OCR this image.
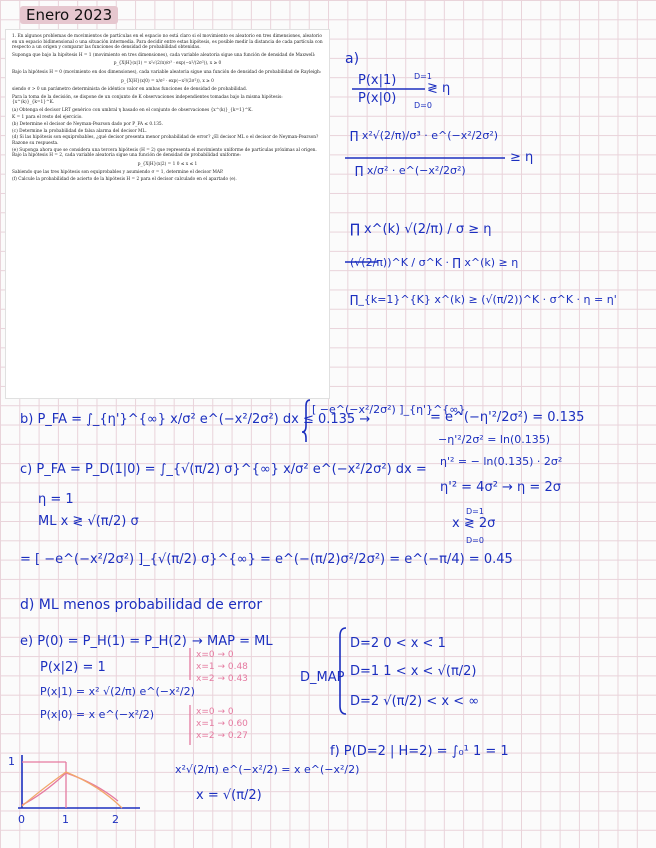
Enero 2023

1. En algunos problemas de movimientos de partículas en el espacio no está claro si el movimiento es aleatorio en tres dimensiones, aleatorio en un espacio bidimensional o una situación intermedia. Para decidir entre estas hipótesis, es posible medir la distancia de cada partícula con respecto a un origen y comparar las funciones de densidad de probabilidad obtenidas.

Suponga que bajo la hipótesis H = 1 (movimiento en tres dimensiones), cada variable aleatoria sigue una función de densidad de Maxwell:

p_{X|H}(x|1) = x²√(2/π)/σ³ · exp(−x²/(2σ²)), x ≥ 0

Bajo la hipótesis H = 0 (movimiento en dos dimensiones), cada variable aleatoria sigue una función de densidad de probabilidad de Rayleigh:

p_{X|H}(x|0) = x/σ² · exp(−x²/(2σ²)), x ≥ 0

siendo σ > 0 un parámetro determinista de idéntico valor en ambas funciones de densidad de probabilidad.

Para la toma de la decisión, se dispone de un conjunto de K observaciones independientes tomadas bajo la misma hipótesis: {x^(k)}_{k=1}^K.

(a) Obtenga el decisor LRT genérico con umbral η basado en el conjunto de observaciones {x^(k)}_{k=1}^K.

K = 1 para el resto del ejercicio.

(b) Determine el decisor de Neyman-Pearson dado por P_FA ≤ 0.135.

(c) Determine la probabilidad de falsa alarma del decisor ML.

(d) Si las hipótesis son equiprobables, ¿qué decisor presenta menor probabilidad de error? ¿El decisor ML o el decisor de Neyman-Pearson? Razone su respuesta.

(e) Suponga ahora que se considera una tercera hipótesis (H = 2) que representa el movimiento uniforme de partículas próximas al origen. Bajo la hipótesis H = 2, cada variable aleatoria sigue una función de densidad de probabilidad uniforme:

p_{X|H}(x|2) = 1 0 ≤ x ≤ 1

Sabiendo que las tres hipótesis son equiprobables y asumiendo σ = 1, determine el decisor MAP.

(f) Calcule la probabilidad de acierto de la hipótesis H = 2 para el decisor calculado en el apartado (e).

a)
P(x|1)
P(x|0)
≷ η
D=1
D=0
∏ x²√(2/π)/σ³ · e^(−x²/2σ²)
∏ x/σ² · e^(−x²/2σ²)
≥ η
∏ x^(k) √(2/π) / σ ≥ η
(√(2/π))^K / σ^K · ∏ x^(k) ≥ η
∏_{k=1}^{K} x^(k) ≥ (√(π/2))^K · σ^K · η = η'
b) P_FA = ∫_{η'}^{∞} x/σ² e^(−x²/2σ²) dx ≤ 0.135 →
[ −e^(−x²/2σ²) ]_{η'}^{∞}
= e^(−η'²/2σ²) = 0.135
−η'²/2σ² = ln(0.135)
η'² = − ln(0.135) · 2σ²
η'² = 4σ² → η = 2σ
x ≷ 2σ
D=1
D=0
c) P_FA = P_D(1|0) = ∫_{√(π/2) σ}^{∞} x/σ² e^(−x²/2σ²) dx =
η = 1
ML x ≷ √(π/2) σ
= [ −e^(−x²/2σ²) ]_{√(π/2) σ}^{∞} = e^(−(π/2)σ²/2σ²) = e^(−π/4) = 0.45
d) ML menos probabilidad de error
e) P(0) = P_H(1) = P_H(2) → MAP = ML
P(x|2) = 1
P(x|1) = x² √(2/π) e^(−x²/2)
P(x|0) = x e^(−x²/2)
x=0 → 0
x=1 → 0.48
x=2 → 0.43
x=0 → 0
x=1 → 0.60
x=2 → 0.27
D_MAP
D=2 0 < x < 1
D=1 1 < x < √(π/2)
D=2 √(π/2) < x < ∞
x²√(2/π) e^(−x²/2) = x e^(−x²/2)
x = √(π/2)
1
0	1	2
f) P(D=2 | H=2) = ∫₀¹ 1 = 1
